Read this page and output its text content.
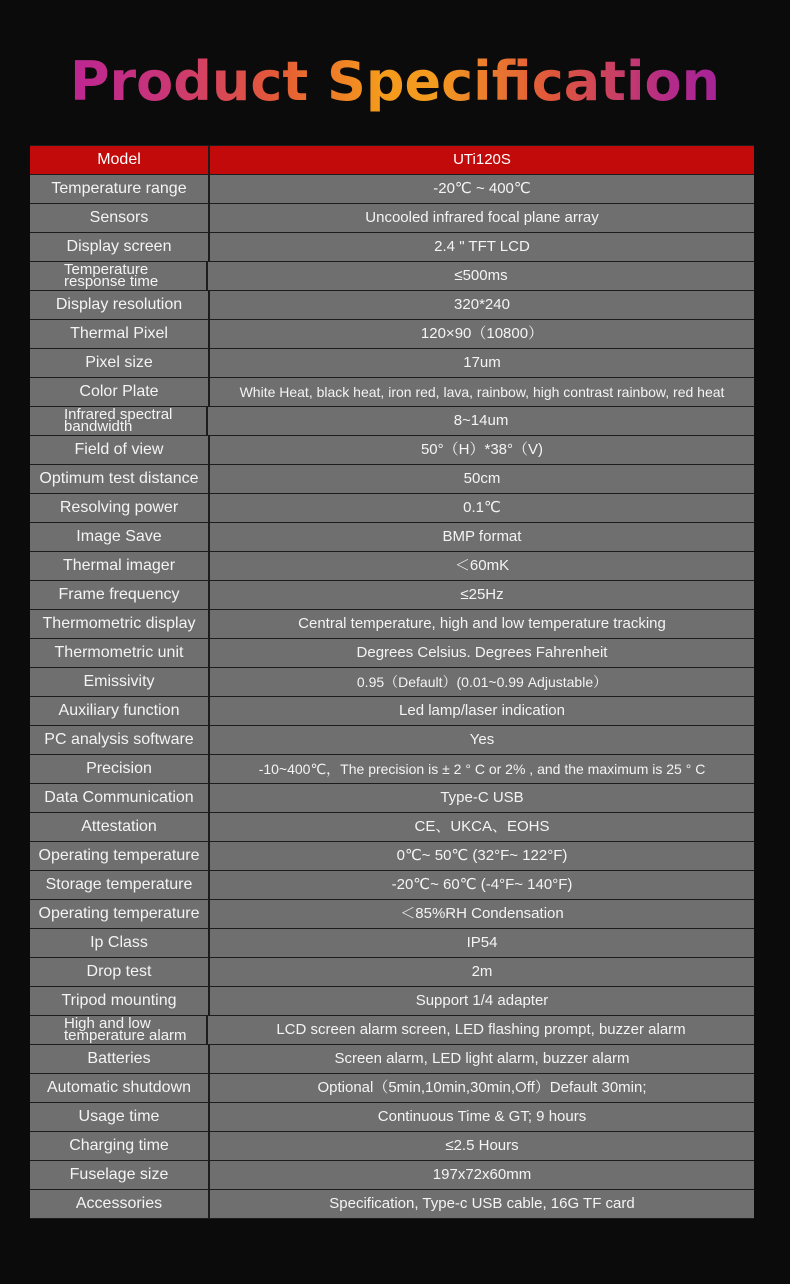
Product Specification
Model	UTi120S
Temperature range	-20℃ ~ 400℃
Sensors	Uncooled infrared focal plane array
Display screen	2.4 " TFT LCD
Temperature response time	≤500ms
Display resolution	320*240
Thermal Pixel	120×90（10800）
Pixel size	17um
Color Plate	White Heat, black heat, iron red, lava, rainbow, high contrast rainbow, red heat
Infrared spectral bandwidth	8~14um
Field of view	50°（H）*38°（V)
Optimum test distance	50cm
Resolving power	0.1℃
Image Save	BMP format
Thermal imager	＜60mK
Frame frequency	≤25Hz
Thermometric display	Central temperature, high and low temperature tracking
Thermometric unit	Degrees Celsius. Degrees Fahrenheit
Emissivity	0.95（Default）(0.01~0.99 Adjustable）
Auxiliary function	Led lamp/laser indication
PC analysis software	Yes
Precision	-10~400℃，The precision is ± 2 ° C or 2% , and the maximum is 25 ° C
Data Communication	Type-C USB
Attestation	CE、UKCA、EOHS
Operating temperature	0℃~ 50℃ (32°F~ 122°F)
Storage temperature	-20℃~ 60℃ (-4°F~ 140°F)
Operating temperature	＜85%RH Condensation
Ip Class	IP54
Drop test	2m
Tripod mounting	Support 1/4 adapter
High and low temperature alarm	LCD screen alarm screen, LED flashing prompt, buzzer alarm
Batteries	Screen alarm, LED light alarm, buzzer alarm
Automatic shutdown	Optional（5min,10min,30min,Off）Default 30min;
Usage time	Continuous Time & GT; 9 hours
Charging time	≤2.5 Hours
Fuselage size	197x72x60mm
Accessories	Specification, Type-c USB cable, 16G TF card
